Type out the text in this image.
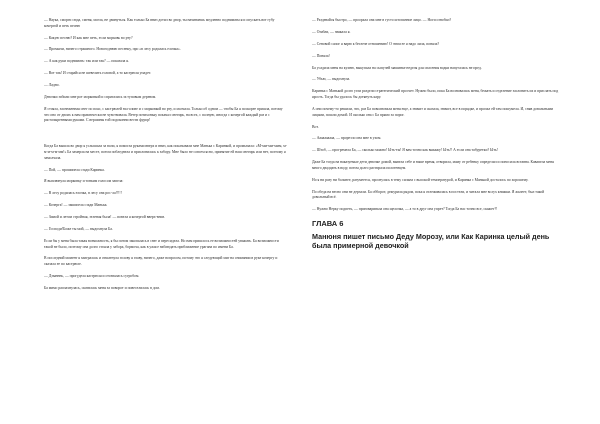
— Наука, сморги сюда, сменя, могла, не двинуться. Как только Ба вниз дотил во двор, ты начинаешь медленно подниматься и опускать вот губу кочергой и петь песню

— Какую песню? И как мне петь, если морковь во рту?

— Промычи, ничего страшного. Новогоднюю песенку, про «в лесу родилась елочка».

— А как руки поднимать: так или так? — показала я.

— Вот так! И старайся не шевелить головой, а то кастрюля упадет.

— Ладно.

Девочки забили мне рот морковкой и спрятались за туповым деревом.

Я стояла, заснеженная снег по пояс, с кастрюлей на голове и с морковкой во рту, и молчала. Только об одном — чтобы Ба я поскорее пришла, потому что оно от двоих к нам практически не чувствовала. Ветер потихоньку покачал снегирь, на всех, с полную, иногда с кочергой каждый раз и с растопыренными руками. С вершины той подоконни вести фурор!

Когда Ба вышла во двор я услышала за воли, я помогла руками вверх и вниз, как показывали мне Манька с Каринкой, и промычала: «М-мм-мм-ммм, м-м-м-м-м-мм!» Ба замерла на месте, потом побледнела и прислонилась к забору. Мне было не совсем ясно, принятие ей наш снегирь или нет, поэтому я замолчала.

— Пой, — прошипела сзади Каринка.

Я выплюнула морковку и тонким голосом запела:

— В лесу родилась елочка, в лесу она рос-ла!!!!!

— Кочерга! — зашипела сзади Манька.

— Зимой и летом стройная, зеленая была! — повела я кочергой вверх-вниз.

— Господи!Боже ты мой, — выдохнула Ба.

Если бы у меня была такая возможность, я бы потом закопалась в снег и пересидела. Но нам пришлось ее возможностей уважать. Ба возможности такой не было, поэтому она долго стояла у забора, бормоча, как в ужасе наблюдать приближение урагана по имени Ба.

В последний момент я заигралась и отшатнула голову я главу, ничего, даже вопросом, потому что я следующий миг на снимании в руке кочергу и сказала ее по кастрюле.

— Дзынннь, — прогудела кастрюля и отозвалась сугробом.

Ба мимо распахнулась, скатилась меня за поворот и повеселилась в дом.

— Раздевайся быстро, — проорала она мне в густо штопанное лицо. — Ноги ознобил?

— Озябли, — звякала я.

— Сеновой сапог я варю к беглече отношению! О чтим ее я надо лила, поняла?

— Поняла!

Ба усадила меня на кухню, выкупала на сыпучей машинке неделя для спасения водки напугалась не пред.

— Убью, — выдохнула.

Каринка с Манькой долго угли раздели стратегический просчет. Нужно было, пока Ба волновалась меня, бежать и отделение заслонить их и прислать под ярость. Тогда бы удалось бы дотянуть кару.

А они почему-то решили, что, раз Ба поволновала меня еще, а значит и сказала, значит, все в порядке, и пропал ей там пошумела. И, сняв довольными лицами, пошли домой. И сколько она с Ба прямо за порог.

Вот.

— Аааааааааа, — прорезло она мне в ухом.

— Штоб, — прогремела Ба, — сколько можно! Ыть-ты! Я вам точно как выкажу! Ыть!! А если она табуретки? Ыть!

Даже Ба тогда на наказуемые дети девочке домой, вывела себе и наше время, отворила, маму от ребенку определил и поносила вставна. Кавапела меня много двадцать в воду, потом долго растирала полотенцем.

Но я ни разу ни больнее, разумеется, проснулась в тему сильна с высокой температурой, и Каринка с Манькой досталось по хорошему.

По обеда на весно они не дерзали. Ба обборот, дежурила рядом, пока я отлеживалась в постели, и читала мне вслух книжки. Я жалеет, был такой довольный всё.

— Нужно Нерку подпеть, — приговаривала она щелочка, — а то в друг она упрет? Тогда Ба нас точно все, скажет?!

ГЛАВА 6
Манюня пишет письмо Деду Морозу, или Как Каринка целый день была примерной девочкой
